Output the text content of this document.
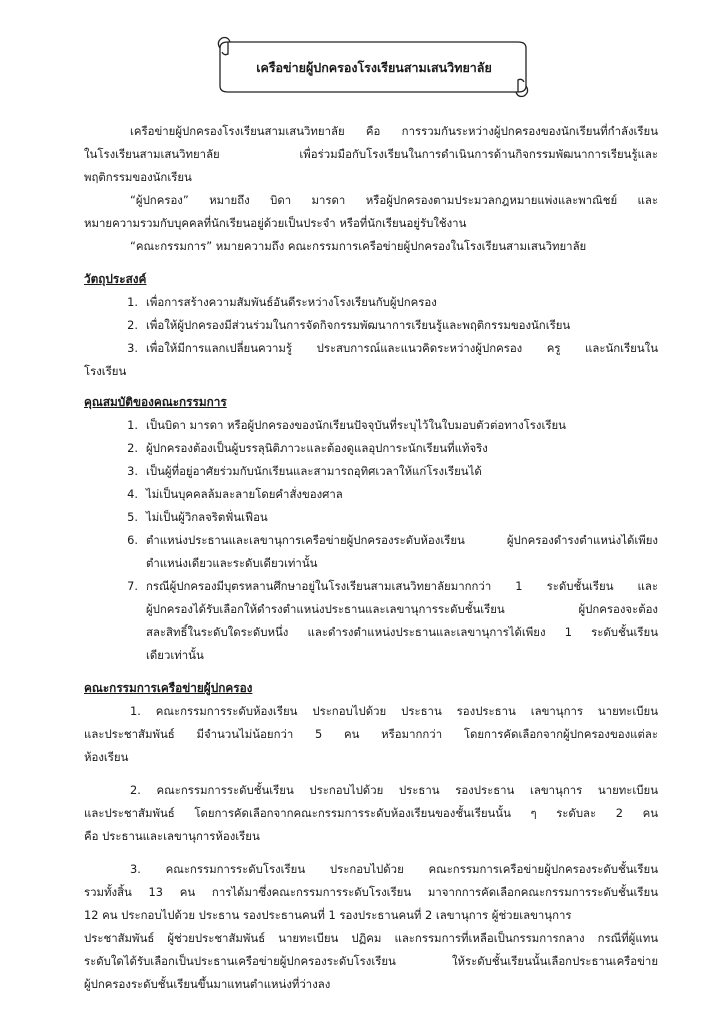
เครือข่ายผู้ปกครองโรงเรียนสามเสนวิทยาลัย
เครือข่ายผู้ปกครองโรงเรียนสามเสนวิทยาลัย คือ การรวมกันระหว่างผู้ปกครองของนักเรียนที่กำลังเรียน
ในโรงเรียนสามเสนวิทยาลัย เพื่อร่วมมือกับโรงเรียนในการดำเนินการด้านกิจกรรมพัฒนาการเรียนรู้และ
พฤติกรรมของนักเรียน
“ผู้ปกครอง” หมายถึง บิดา มารดา หรือผู้ปกครองตามประมวลกฎหมายแพ่งและพาณิชย์ และ
หมายความรวมกับบุคคลที่นักเรียนอยู่ด้วยเป็นประจำ หรือที่นักเรียนอยู่รับใช้งาน
“คณะกรรมการ” หมายความถึง คณะกรรมการเครือข่ายผู้ปกครองในโรงเรียนสามเสนวิทยาลัย
วัตถุประสงค์
1. เพื่อการสร้างความสัมพันธ์อันดีระหว่างโรงเรียนกับผู้ปกครอง
2. เพื่อให้ผู้ปกครองมีส่วนร่วมในการจัดกิจกรรมพัฒนาการเรียนรู้และพฤติกรรมของนักเรียน
3. เพื่อให้มีการแลกเปลี่ยนความรู้ ประสบการณ์และแนวคิดระหว่างผู้ปกครอง ครู และนักเรียนใน
โรงเรียน
คุณสมบัติของคณะกรรมการ
1. เป็นบิดา มารดา หรือผู้ปกครองของนักเรียนปัจจุบันที่ระบุไว้ในใบมอบตัวต่อทางโรงเรียน
2. ผู้ปกครองต้องเป็นผู้บรรลุนิติภาวะและต้องดูแลอุปการะนักเรียนที่แท้จริง
3. เป็นผู้ที่อยู่อาศัยร่วมกับนักเรียนและสามารถอุทิศเวลาให้แก่โรงเรียนได้
4. ไม่เป็นบุคคลล้มละลายโดยคำสั่งของศาล
5. ไม่เป็นผู้วิกลจริตฟั่นเฟือน
6. ตำแหน่งประธานและเลขานุการเครือข่ายผู้ปกครองระดับห้องเรียน ผู้ปกครองดำรงตำแหน่งได้เพียง
ตำแหน่งเดียวและระดับเดียวเท่านั้น
7. กรณีผู้ปกครองมีบุตรหลานศึกษาอยู่ในโรงเรียนสามเสนวิทยาลัยมากกว่า 1 ระดับชั้นเรียน และ
ผู้ปกครองได้รับเลือกให้ดำรงตำแหน่งประธานและเลขานุการระดับชั้นเรียน ผู้ปกครองจะต้อง
สละสิทธิ์ในระดับใดระดับหนึ่ง และดำรงตำแหน่งประธานและเลขานุการได้เพียง 1 ระดับชั้นเรียน
เดียวเท่านั้น
คณะกรรมการเครือข่ายผู้ปกครอง
1. คณะกรรมการระดับห้องเรียน ประกอบไปด้วย ประธาน รองประธาน เลขานุการ นายทะเบียน
และประชาสัมพันธ์ มีจำนวนไม่น้อยกว่า 5 คน หรือมากกว่า โดยการคัดเลือกจากผู้ปกครองของแต่ละ
ห้องเรียน
2. คณะกรรมการระดับชั้นเรียน ประกอบไปด้วย ประธาน รองประธาน เลขานุการ นายทะเบียน
และประชาสัมพันธ์ โดยการคัดเลือกจากคณะกรรมการระดับห้องเรียนของชั้นเรียนนั้น ๆ ระดับละ 2 คน
คือ ประธานและเลขานุการห้องเรียน
3. คณะกรรมการระดับโรงเรียน ประกอบไปด้วย คณะกรรมการเครือข่ายผู้ปกครองระดับชั้นเรียน
รวมทั้งสิ้น 13 คน การได้มาซึ่งคณะกรรมการระดับโรงเรียน มาจากการคัดเลือกคณะกรรมการระดับชั้นเรียน
12 คน ประกอบไปด้วย ประธาน รองประธานคนที่ 1 รองประธานคนที่ 2 เลขานุการ ผู้ช่วยเลขานุการ
ประชาสัมพันธ์ ผู้ช่วยประชาสัมพันธ์ นายทะเบียน ปฏิคม และกรรมการที่เหลือเป็นกรรมการกลาง กรณีที่ผู้แทน
ระดับใดได้รับเลือกเป็นประธานเครือข่ายผู้ปกครองระดับโรงเรียน ให้ระดับชั้นเรียนนั้นเลือกประธานเครือข่าย
ผู้ปกครองระดับชั้นเรียนขึ้นมาแทนตำแหน่งที่ว่างลง
